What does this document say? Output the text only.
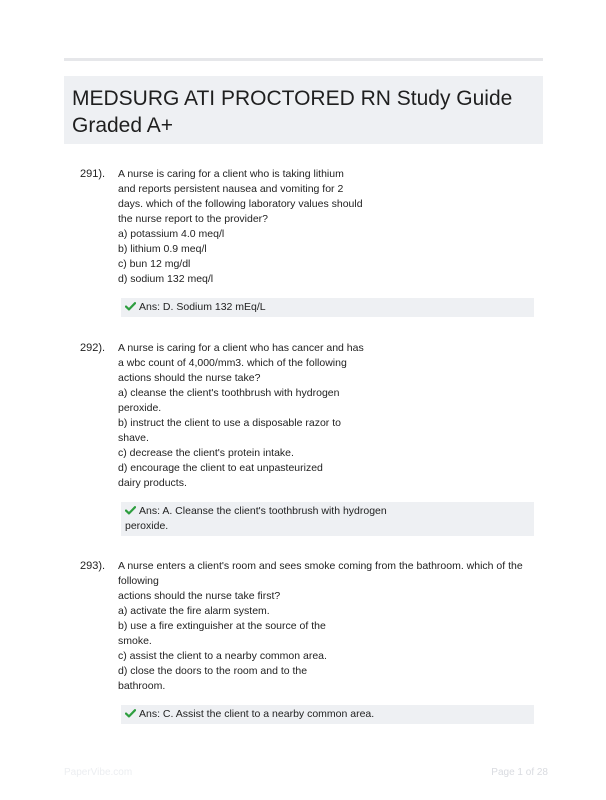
MEDSURG ATI PROCTORED RN Study Guide
Graded A+
291). A nurse is caring for a client who is taking lithium
and reports persistent nausea and vomiting for 2
days. which of the following laboratory values should
the nurse report to the provider?
a) potassium 4.0 meq/l
b) lithium 0.9 meq/l
c) bun 12 mg/dl
d) sodium 132 meq/l
Ans: D. Sodium 132 mEq/L
292). A nurse is caring for a client who has cancer and has
a wbc count of 4,000/mm3. which of the following
actions should the nurse take?
a) cleanse the client's toothbrush with hydrogen
peroxide.
b) instruct the client to use a disposable razor to
shave.
c) decrease the client's protein intake.
d) encourage the client to eat unpasteurized
dairy products.
Ans: A. Cleanse the client's toothbrush with hydrogen
peroxide.
293). A nurse enters a client's room and sees smoke coming from the bathroom. which of the
following
actions should the nurse take first?
a) activate the fire alarm system.
b) use a fire extinguisher at the source of the
smoke.
c) assist the client to a nearby common area.
d) close the doors to the room and to the
bathroom.
Ans: C. Assist the client to a nearby common area.
PaperVibe.com	Page 1 of 28
